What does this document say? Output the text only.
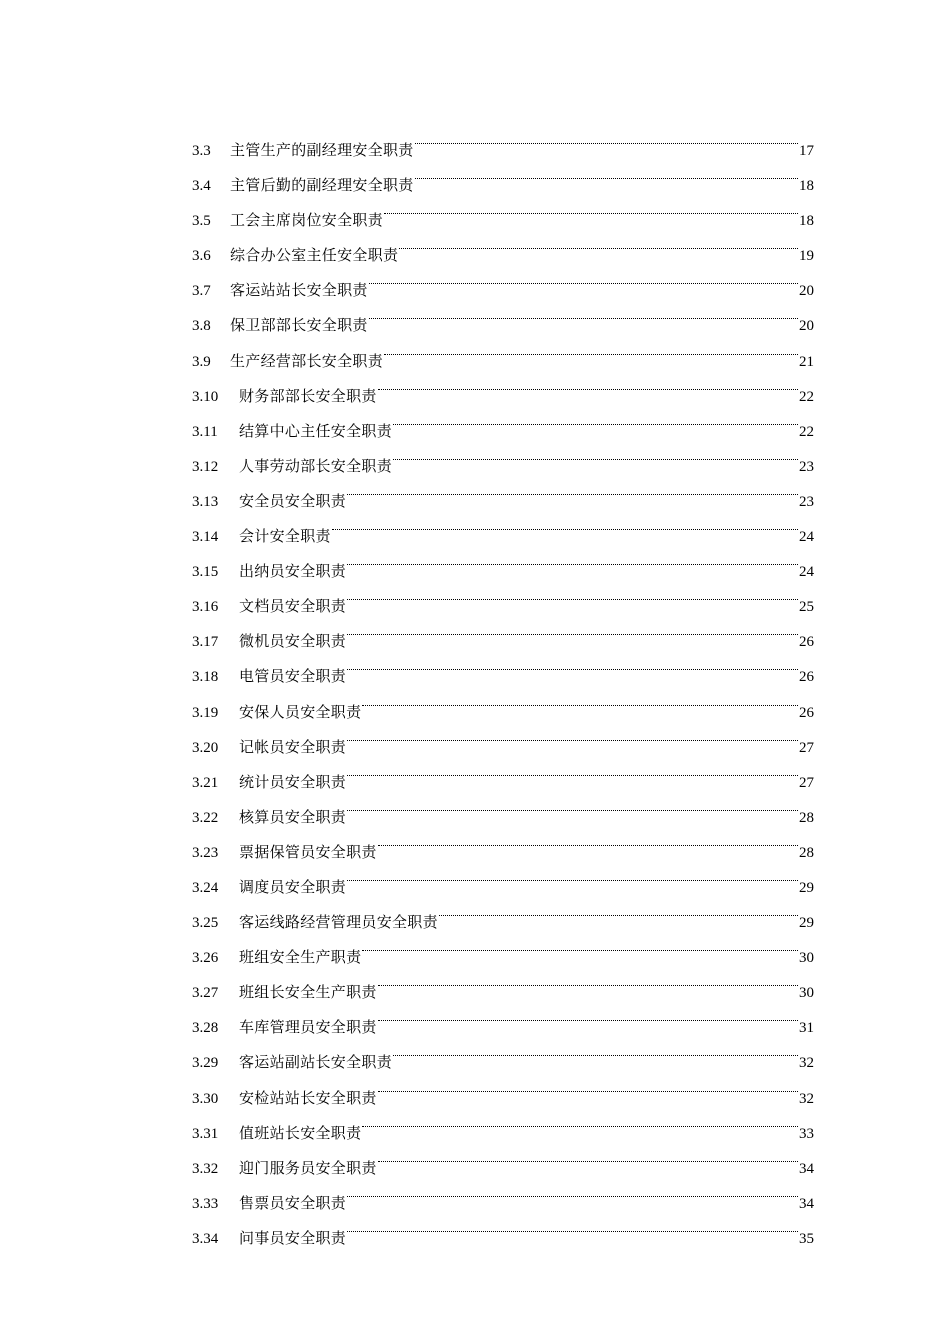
3.3	主管生产的副经理安全职责	17
3.4	主管后勤的副经理安全职责	18
3.5	工会主席岗位安全职责	18
3.6	综合办公室主任安全职责	19
3.7	客运站站长安全职责	20
3.8	保卫部部长安全职责	20
3.9	生产经营部长安全职责	21
3.10	财务部部长安全职责	22
3.11	结算中心主任安全职责	22
3.12	人事劳动部长安全职责	23
3.13	安全员安全职责	23
3.14	会计安全职责	24
3.15	出纳员安全职责	24
3.16	文档员安全职责	25
3.17	微机员安全职责	26
3.18	电管员安全职责	26
3.19	安保人员安全职责	26
3.20	记帐员安全职责	27
3.21	统计员安全职责	27
3.22	核算员安全职责	28
3.23	票据保管员安全职责	28
3.24	调度员安全职责	29
3.25	客运线路经营管理员安全职责	29
3.26	班组安全生产职责	30
3.27	班组长安全生产职责	30
3.28	车库管理员安全职责	31
3.29	客运站副站长安全职责	32
3.30	安检站站长安全职责	32
3.31	值班站长安全职责	33
3.32	迎门服务员安全职责	34
3.33	售票员安全职责	34
3.34	问事员安全职责	35
